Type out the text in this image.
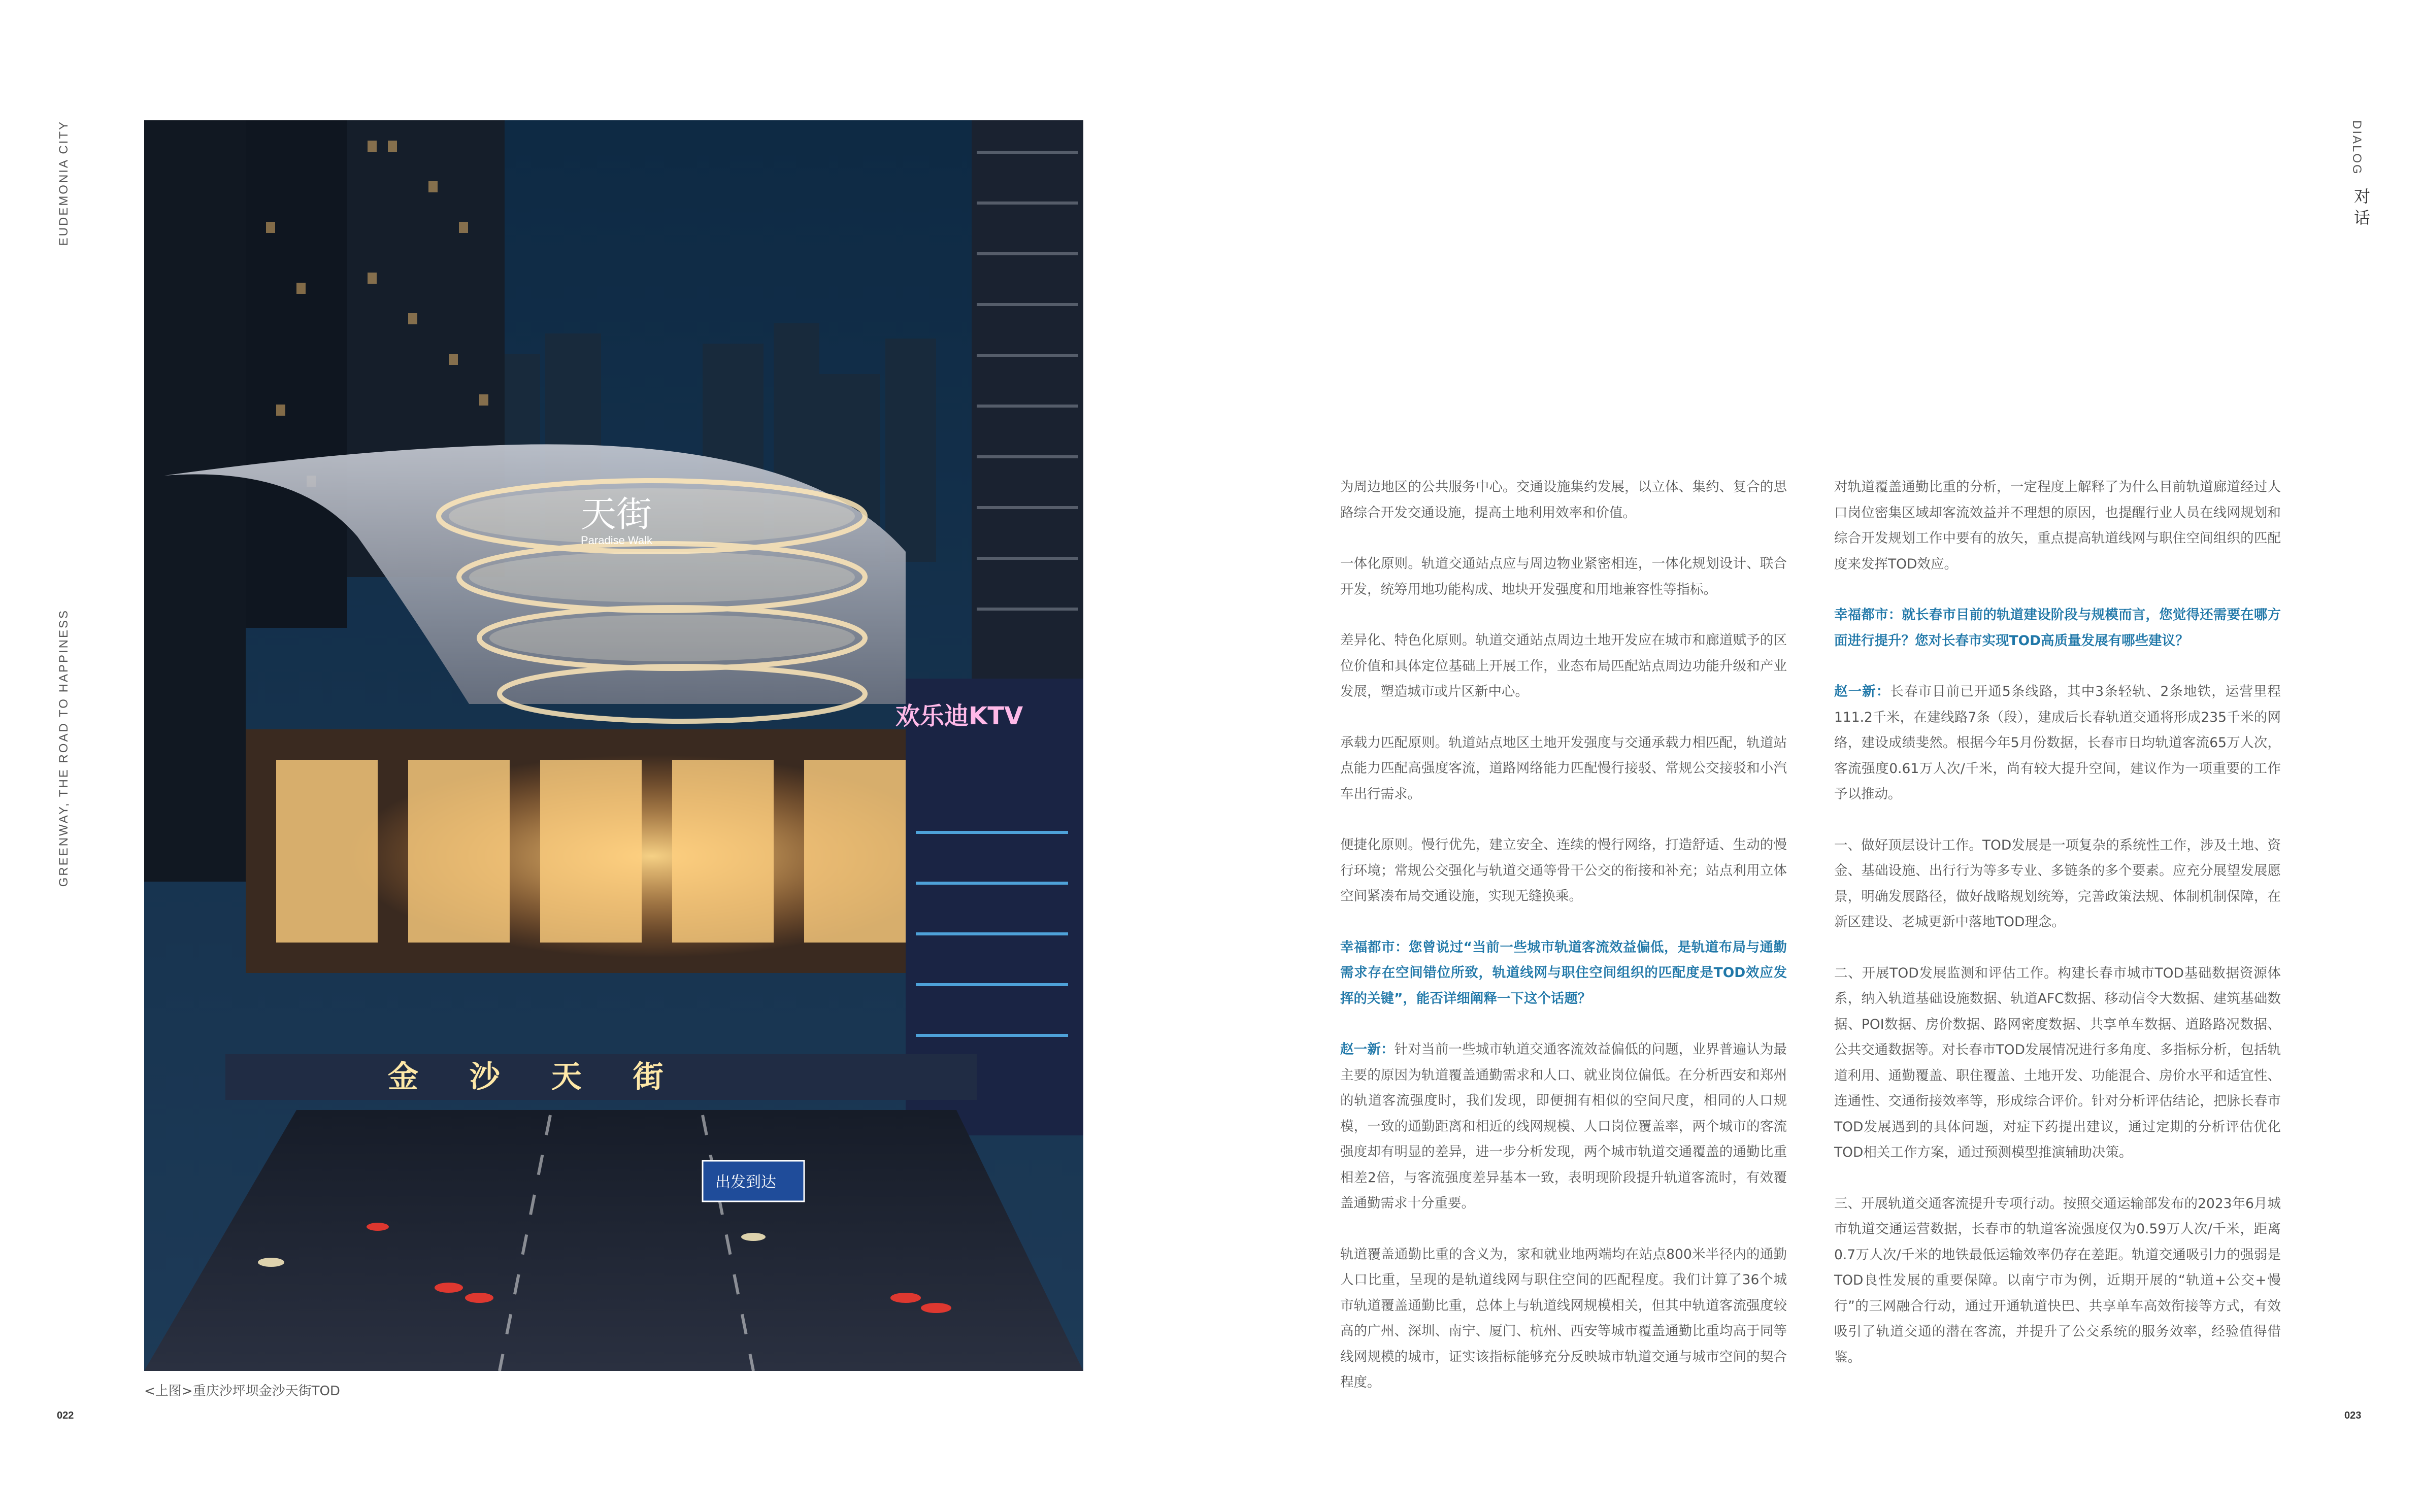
EUDEMONIA CITY
GREENWAY, THE ROAD TO HAPPINESS
DIALOG
对话
天街
Paradise Walk
欢乐迪KTV
金 沙 天 街
出发到达
<上图>重庆沙坪坝金沙天街TOD
022	023

为周边地区的公共服务中心。交通设施集约发展，以立体、集约、复合的思路综合开发交通设施，提高土地利用效率和价值。

一体化原则。轨道交通站点应与周边物业紧密相连，一体化规划设计、联合开发，统筹用地功能构成、地块开发强度和用地兼容性等指标。

差异化、特色化原则。轨道交通站点周边土地开发应在城市和廊道赋予的区位价值和具体定位基础上开展工作，业态布局匹配站点周边功能升级和产业发展，塑造城市或片区新中心。

承载力匹配原则。轨道站点地区土地开发强度与交通承载力相匹配，轨道站点能力匹配高强度客流，道路网络能力匹配慢行接驳、常规公交接驳和小汽车出行需求。

便捷化原则。慢行优先，建立安全、连续的慢行网络，打造舒适、生动的慢行环境；常规公交强化与轨道交通等骨干公交的衔接和补充；站点利用立体空间紧凑布局交通设施，实现无缝换乘。

幸福都市：您曾说过“当前一些城市轨道客流效益偏低，是轨道布局与通勤需求存在空间错位所致，轨道线网与职住空间组织的匹配度是TOD效应发挥的关键”，能否详细阐释一下这个话题？

赵一新：针对当前一些城市轨道交通客流效益偏低的问题，业界普遍认为最主要的原因为轨道覆盖通勤需求和人口、就业岗位偏低。在分析西安和郑州的轨道客流强度时，我们发现，即便拥有相似的空间尺度，相同的人口规模，一致的通勤距离和相近的线网规模、人口岗位覆盖率，两个城市的客流强度却有明显的差异，进一步分析发现，两个城市轨道交通覆盖的通勤比重相差2倍，与客流强度差异基本一致，表明现阶段提升轨道客流时，有效覆盖通勤需求十分重要。

轨道覆盖通勤比重的含义为，家和就业地两端均在站点800米半径内的通勤人口比重，呈现的是轨道线网与职住空间的匹配程度。我们计算了36个城市轨道覆盖通勤比重，总体上与轨道线网规模相关，但其中轨道客流强度较高的广州、深圳、南宁、厦门、杭州、西安等城市覆盖通勤比重均高于同等线网规模的城市，证实该指标能够充分反映城市轨道交通与城市空间的契合程度。

对轨道覆盖通勤比重的分析，一定程度上解释了为什么目前轨道廊道经过人口岗位密集区域却客流效益并不理想的原因，也提醒行业人员在线网规划和综合开发规划工作中要有的放矢，重点提高轨道线网与职住空间组织的匹配度来发挥TOD效应。

幸福都市：就长春市目前的轨道建设阶段与规模而言，您觉得还需要在哪方面进行提升？您对长春市实现TOD高质量发展有哪些建议？

赵一新：长春市目前已开通5条线路，其中3条轻轨、2条地铁，运营里程111.2千米，在建线路7条（段），建成后长春轨道交通将形成235千米的网络，建设成绩斐然。根据今年5月份数据，长春市日均轨道客流65万人次，客流强度0.61万人次/千米，尚有较大提升空间，建议作为一项重要的工作予以推动。

一、做好顶层设计工作。TOD发展是一项复杂的系统性工作，涉及土地、资金、基础设施、出行行为等多专业、多链条的多个要素。应充分展望发展愿景，明确发展路径，做好战略规划统筹，完善政策法规、体制机制保障，在新区建设、老城更新中落地TOD理念。

二、开展TOD发展监测和评估工作。构建长春市城市TOD基础数据资源体系，纳入轨道基础设施数据、轨道AFC数据、移动信令大数据、建筑基础数据、POI数据、房价数据、路网密度数据、共享单车数据、道路路况数据、公共交通数据等。对长春市TOD发展情况进行多角度、多指标分析，包括轨道利用、通勤覆盖、职住覆盖、土地开发、功能混合、房价水平和适宜性、连通性、交通衔接效率等，形成综合评价。针对分析评估结论，把脉长春市TOD发展遇到的具体问题，对症下药提出建议，通过定期的分析评估优化TOD相关工作方案，通过预测模型推演辅助决策。

三、开展轨道交通客流提升专项行动。按照交通运输部发布的2023年6月城市轨道交通运营数据，长春市的轨道客流强度仅为0.59万人次/千米，距离0.7万人次/千米的地铁最低运输效率仍存在差距。轨道交通吸引力的强弱是TOD良性发展的重要保障。以南宁市为例，近期开展的“轨道+公交+慢行”的三网融合行动，通过开通轨道快巴、共享单车高效衔接等方式，有效吸引了轨道交通的潜在客流，并提升了公交系统的服务效率，经验值得借鉴。
